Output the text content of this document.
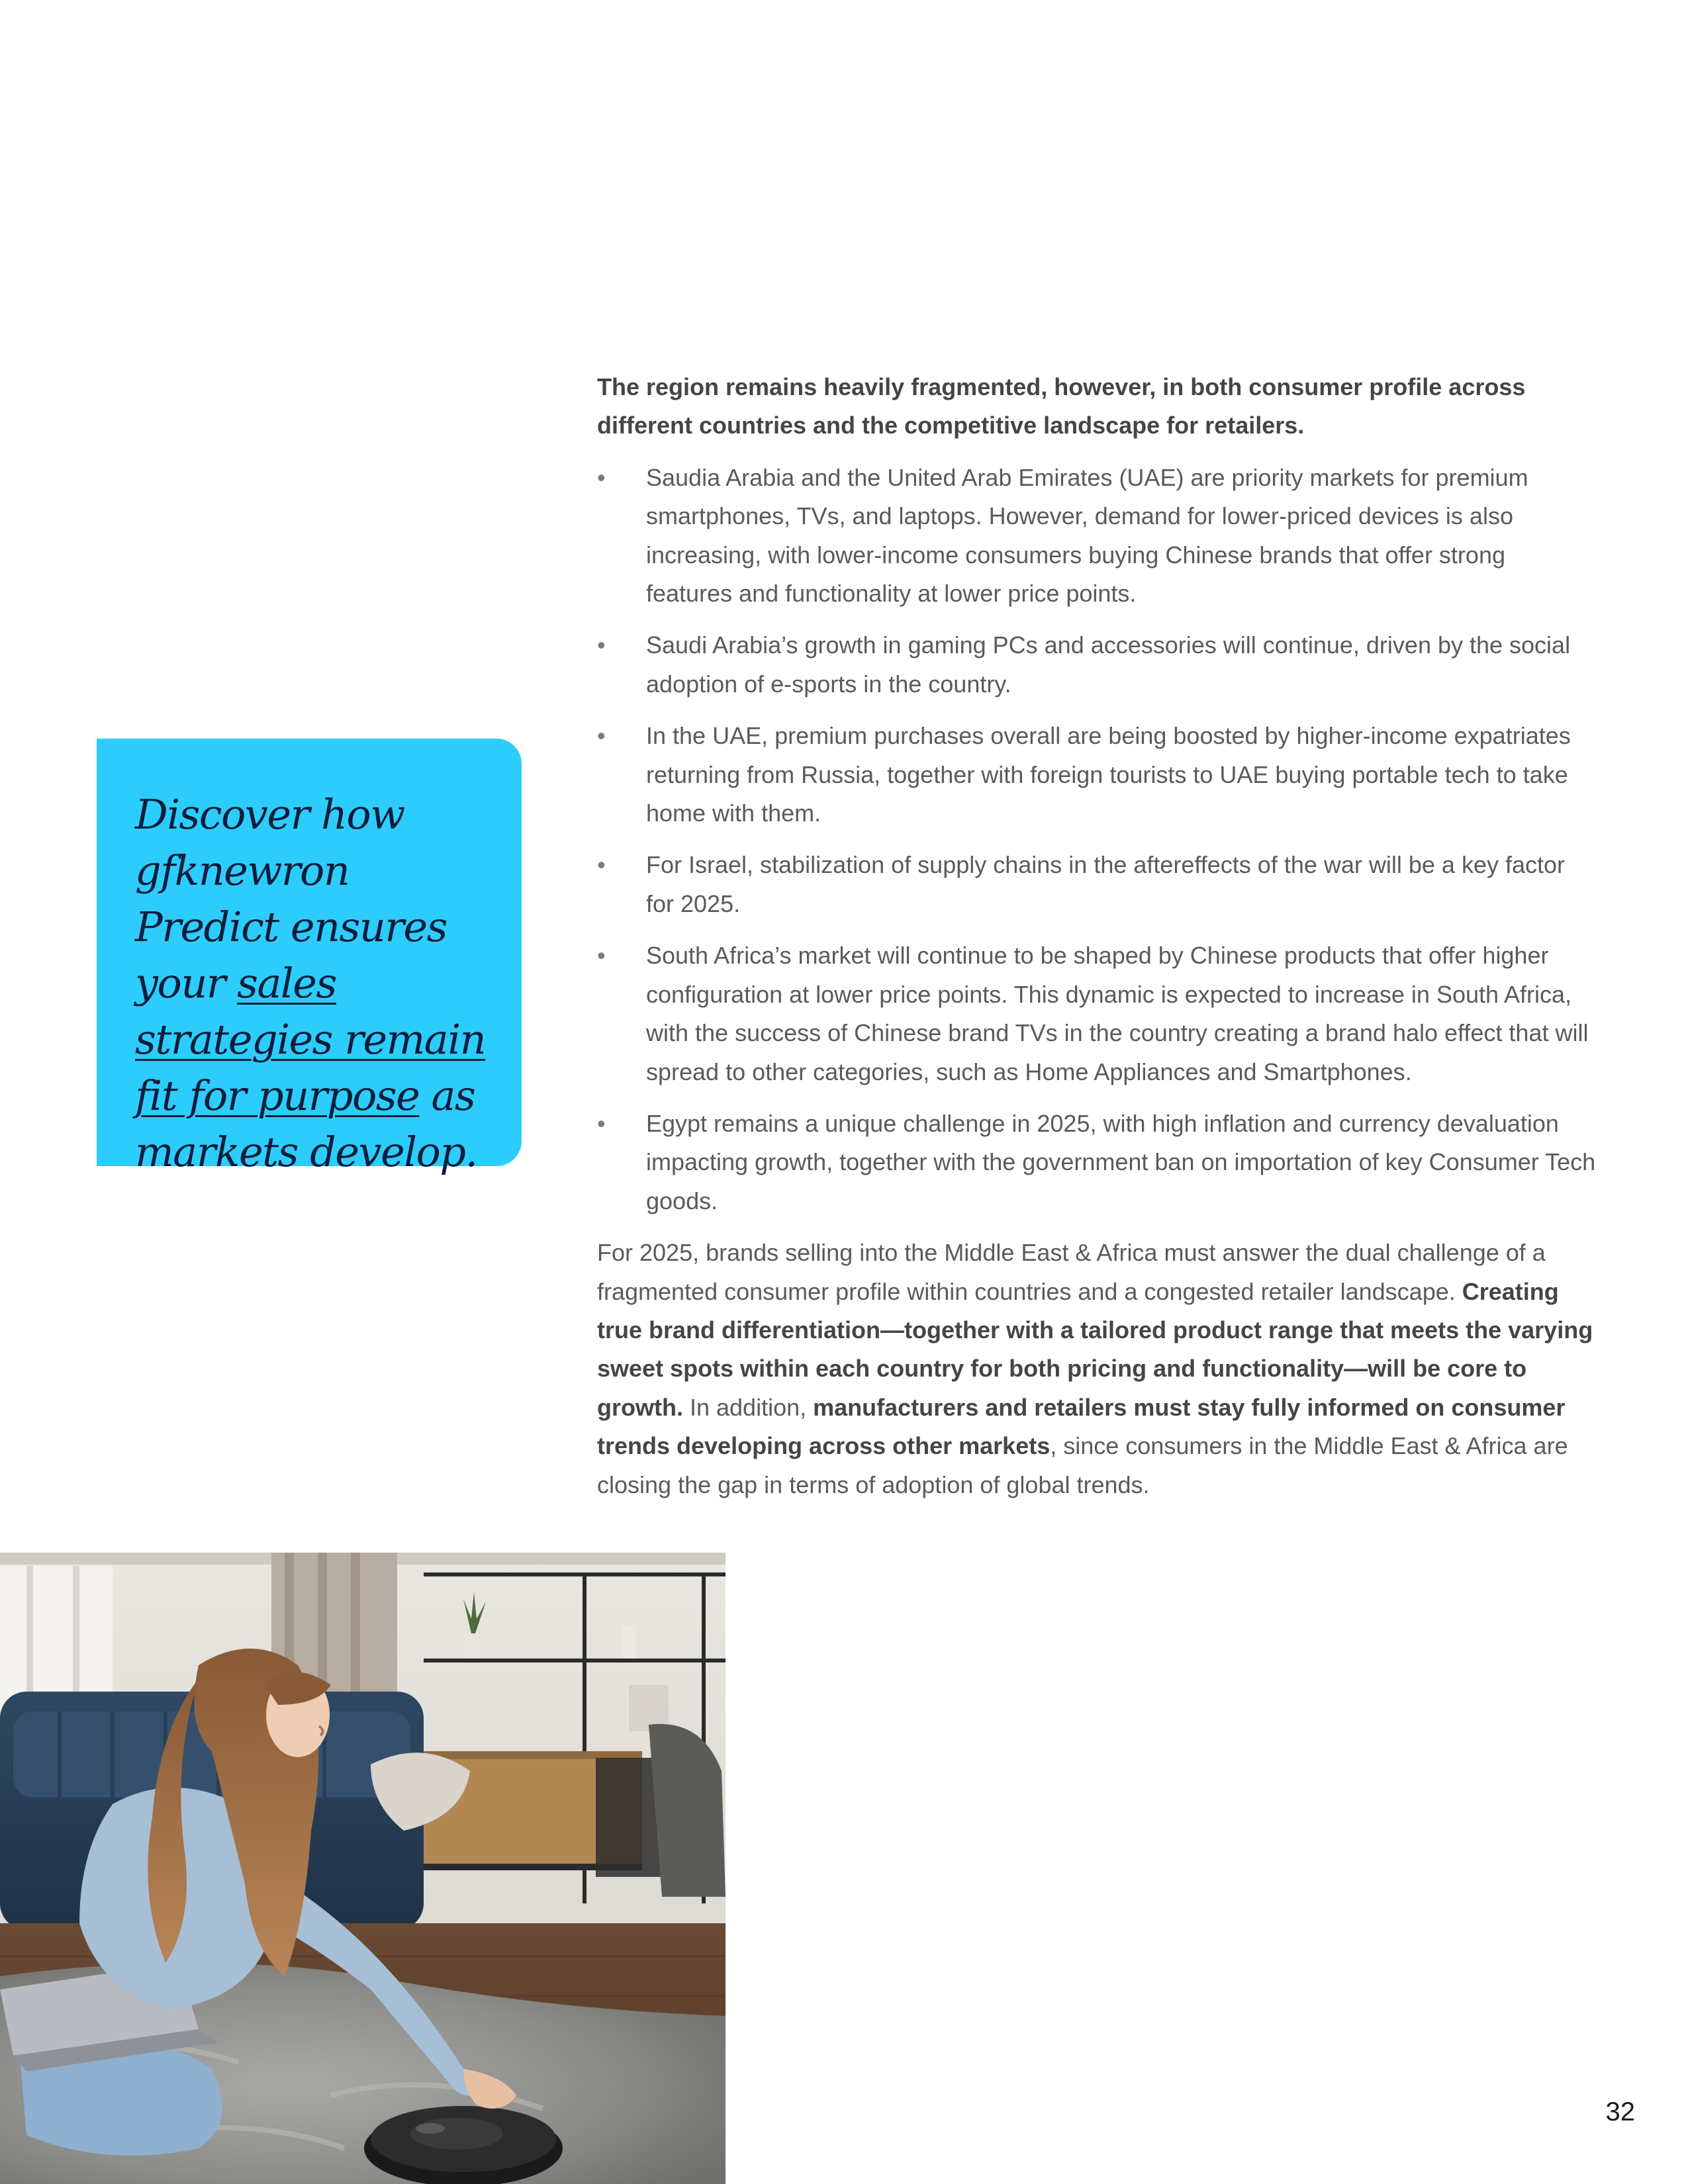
The region remains heavily fragmented, however, in both consumer profile across different countries and the competitive landscape for retailers.

• Saudia Arabia and the United Arab Emirates (UAE) are priority markets for premium smartphones, TVs, and laptops. However, demand for lower-priced devices is also increasing, with lower-income consumers buying Chinese brands that offer strong features and functionality at lower price points.
• Saudi Arabia’s growth in gaming PCs and accessories will continue, driven by the social adoption of e-sports in the country.
• In the UAE, premium purchases overall are being boosted by higher-income expatriates returning from Russia, together with foreign tourists to UAE buying portable tech to take home with them.
• For Israel, stabilization of supply chains in the aftereffects of the war will be a key factor for 2025.
• South Africa’s market will continue to be shaped by Chinese products that offer higher configuration at lower price points. This dynamic is expected to increase in South Africa, with the success of Chinese brand TVs in the country creating a brand halo effect that will spread to other categories, such as Home Appliances and Smartphones.
• Egypt remains a unique challenge in 2025, with high inflation and currency devaluation impacting growth, together with the government ban on importation of key Consumer Tech goods.

For 2025, brands selling into the Middle East & Africa must answer the dual challenge of a fragmented consumer profile within countries and a congested retailer landscape. Creating true brand differentiation—together with a tailored product range that meets the varying sweet spots within each country for both pricing and functionality—will be core to growth. In addition, manufacturers and retailers must stay fully informed on consumer trends developing across other markets, since consumers in the Middle East & Africa are closing the gap in terms of adoption of global trends.

Discover how gfknewron Predict ensures your sales strategies remain fit for purpose as markets develop.

32
